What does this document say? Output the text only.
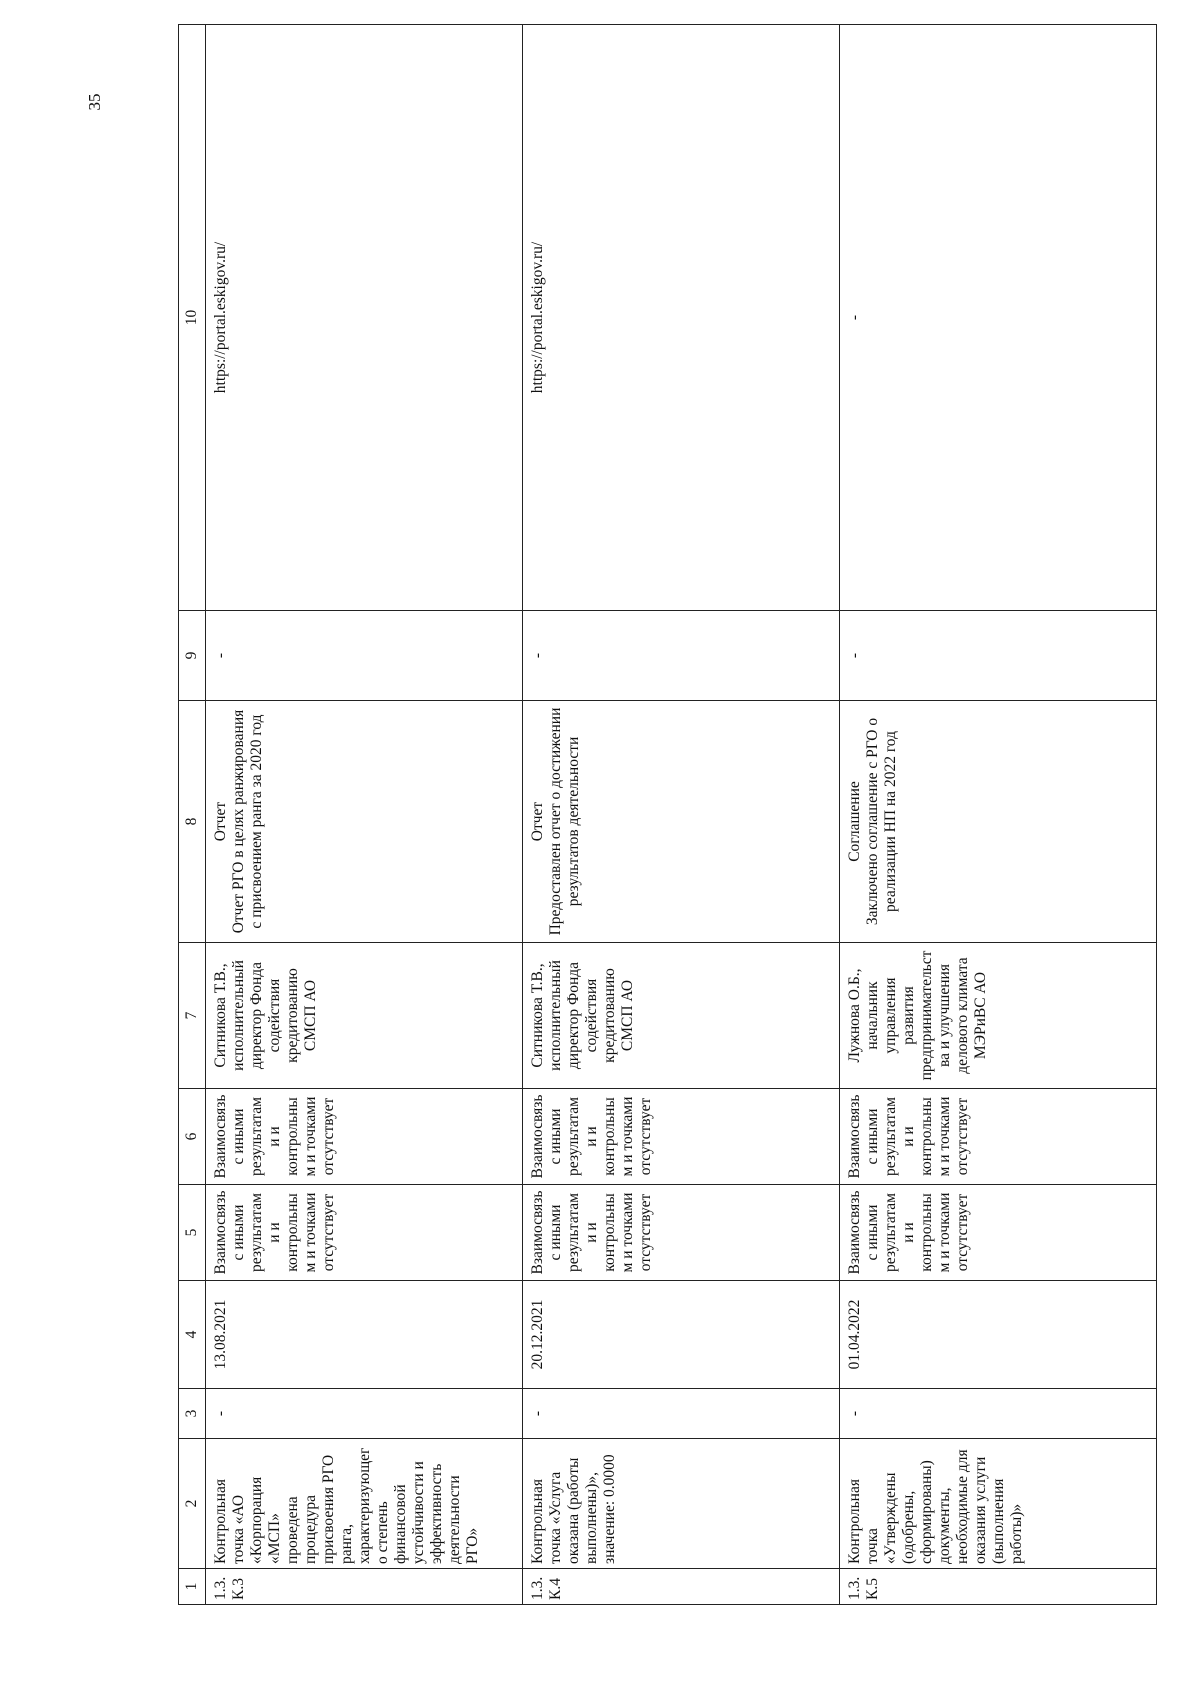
35
1	2	3	4	5	6	7	8	9	10
1.3. К.3	Контрольная точка «АО «Корпорация «МСП» проведена процедура присвоения РГО ранга, характеризующего степень финансовой устойчивости и эффективность деятельности РГО»	-	13.08.2021	Взаимосвязь с иными результатами и контрольным и точками отсутствует	Взаимосвязь с иными результатами и контрольным и точками отсутствует	Ситникова Т.В., исполнительный директор Фонда содействия кредитованию СМСП АО	Отчет Отчет РГО в целях ранжирования с присвоением ранга за 2020 год	-	https://portal.eskigov.ru/
1.3. К.4	Контрольная точка «Услуга оказана (работы выполнены)», значение: 0.0000	-	20.12.2021	Взаимосвязь с иными результатами и контрольным и точками отсутствует	Взаимосвязь с иными результатами и контрольным и точками отсутствует	Ситникова Т.В., исполнительный директор Фонда содействия кредитованию СМСП АО	Отчет Предоставлен отчет о достижении результатов деятельности	-	https://portal.eskigov.ru/
1.3. К.5	Контрольная точка «Утверждены (одобрены, сформированы) документы, необходимые для оказания услуги (выполнения работы)»	-	01.04.2022	Взаимосвязь с иными результатами и контрольным и точками отсутствует	Взаимосвязь с иными результатами и контрольным и точками отсутствует	Лужнова О.Б., начальник управления развития предпринимательства и улучшения делового климата МЭРиВС АО	Соглашение Заключено соглашение с РГО о реализации НП на 2022 год	-	-
